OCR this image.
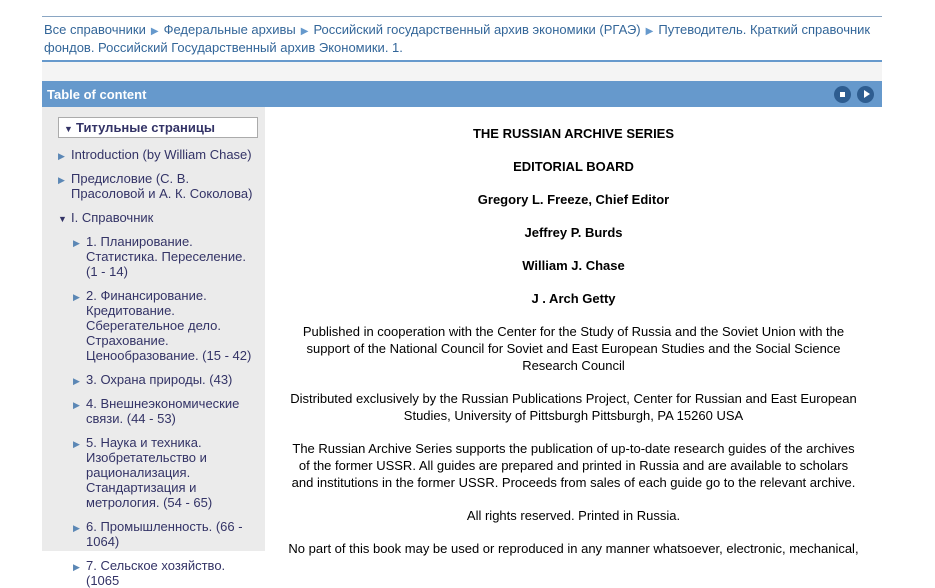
Все справочники ▶ Федеральные архивы ▶ Российский государственный архив экономики (РГАЭ) ▶ Путеводитель. Краткий справочник фондов. Российский Государственный архив Экономики. 1.
Table of content
▼ Титульные страницы
▶ Introduction (by William Chase)
▶ Предисловие (С. В. Прасоловой и А. К. Соколова)
▼ I. Справочник
▶ 1. Планирование. Статистика. Переселение. (1 - 14)
▶ 2. Финансирование. Кредитование. Сберегательное дело. Страхование. Ценообразование. (15 - 42)
▶ 3. Охрана природы. (43)
▶ 4. Внешнеэкономические связи. (44 - 53)
▶ 5. Наука и техника. Изобретательство и рационализация. Стандартизация и метрология. (54 - 65)
▶ 6. Промышленность. (66 - 1064)
▶ 7. Сельское хозяйство. (1065

THE RUSSIAN ARCHIVE SERIES

EDITORIAL BOARD

Gregory L. Freeze, Chief Editor

Jeffrey P. Burds

William J. Chase

J . Arch Getty

Published in cooperation with the Center for the Study of Russia and the Soviet Union with the support of the National Council for Soviet and East European Studies and the Social Science Research Council

Distributed exclusively by the Russian Publications Project, Center for Russian and East European Studies, University of Pittsburgh Pittsburgh, PA 15260 USA

The Russian Archive Series supports the publication of up-to-date research guides of the archives of the former USSR. All guides are prepared and printed in Russia and are available to scholars and institutions in the former USSR. Proceeds from sales of each guide go to the relevant archive.

All rights reserved. Printed in Russia.

No part of this book may be used or reproduced in any manner whatsoever, electronic, mechanical,
